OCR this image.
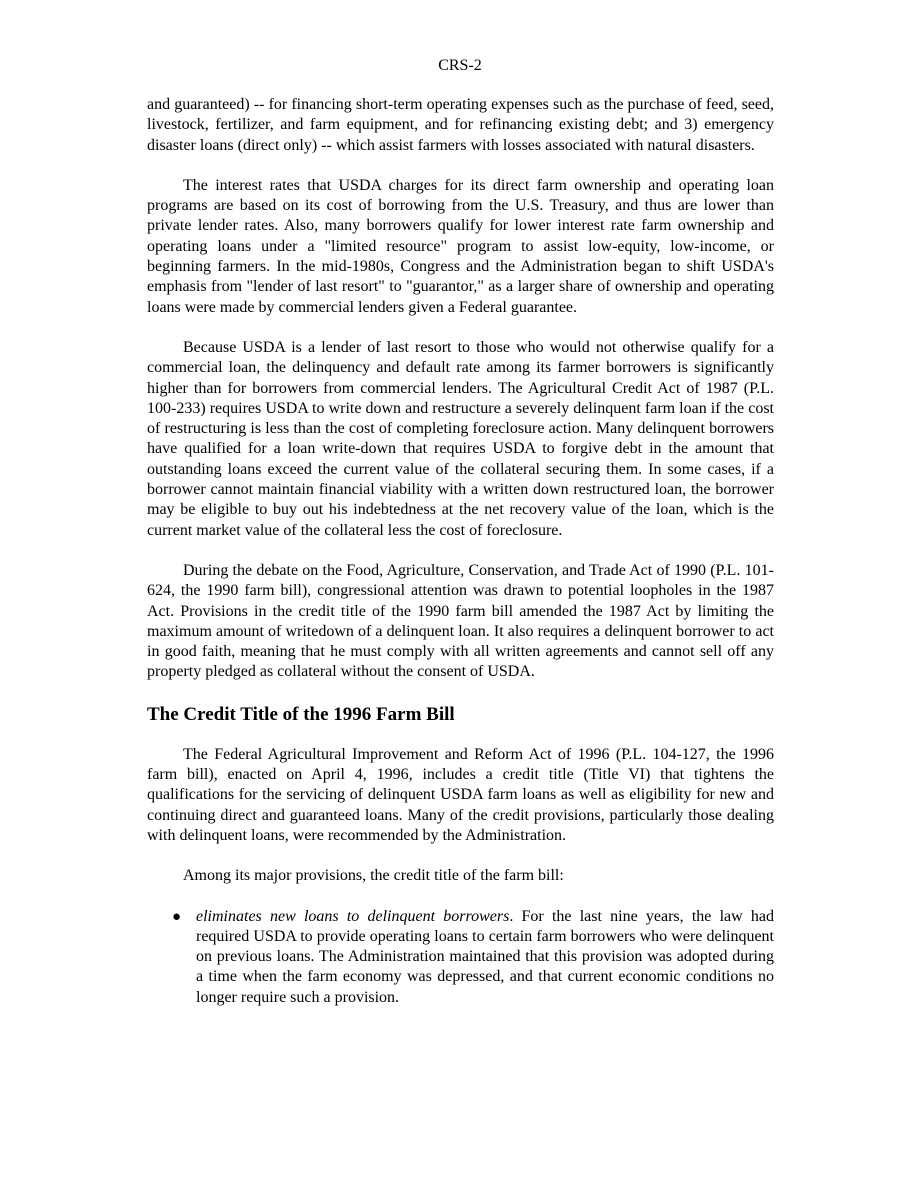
CRS-2

and guaranteed) -- for financing short-term operating expenses such as the purchase of feed, seed, livestock, fertilizer, and farm equipment, and for refinancing existing debt; and 3) emergency disaster loans (direct only) -- which assist farmers with losses associated with natural disasters.

The interest rates that USDA charges for its direct farm ownership and operating loan programs are based on its cost of borrowing from the U.S. Treasury, and thus are lower than private lender rates. Also, many borrowers qualify for lower interest rate farm ownership and operating loans under a "limited resource" program to assist low-equity, low-income, or beginning farmers. In the mid-1980s, Congress and the Administration began to shift USDA's emphasis from "lender of last resort" to "guarantor," as a larger share of ownership and operating loans were made by commercial lenders given a Federal guarantee.

Because USDA is a lender of last resort to those who would not otherwise qualify for a commercial loan, the delinquency and default rate among its farmer borrowers is significantly higher than for borrowers from commercial lenders. The Agricultural Credit Act of 1987 (P.L. 100-233) requires USDA to write down and restructure a severely delinquent farm loan if the cost of restructuring is less than the cost of completing foreclosure action. Many delinquent borrowers have qualified for a loan write-down that requires USDA to forgive debt in the amount that outstanding loans exceed the current value of the collateral securing them. In some cases, if a borrower cannot maintain financial viability with a written down restructured loan, the borrower may be eligible to buy out his indebtedness at the net recovery value of the loan, which is the current market value of the collateral less the cost of foreclosure.

During the debate on the Food, Agriculture, Conservation, and Trade Act of 1990 (P.L. 101-624, the 1990 farm bill), congressional attention was drawn to potential loopholes in the 1987 Act. Provisions in the credit title of the 1990 farm bill amended the 1987 Act by limiting the maximum amount of writedown of a delinquent loan. It also requires a delinquent borrower to act in good faith, meaning that he must comply with all written agreements and cannot sell off any property pledged as collateral without the consent of USDA.

The Credit Title of the 1996 Farm Bill

The Federal Agricultural Improvement and Reform Act of 1996 (P.L. 104-127, the 1996 farm bill), enacted on April 4, 1996, includes a credit title (Title VI) that tightens the qualifications for the servicing of delinquent USDA farm loans as well as eligibility for new and continuing direct and guaranteed loans. Many of the credit provisions, particularly those dealing with delinquent loans, were recommended by the Administration.

Among its major provisions, the credit title of the farm bill:

● eliminates new loans to delinquent borrowers. For the last nine years, the law had required USDA to provide operating loans to certain farm borrowers who were delinquent on previous loans. The Administration maintained that this provision was adopted during a time when the farm economy was depressed, and that current economic conditions no longer require such a provision.
